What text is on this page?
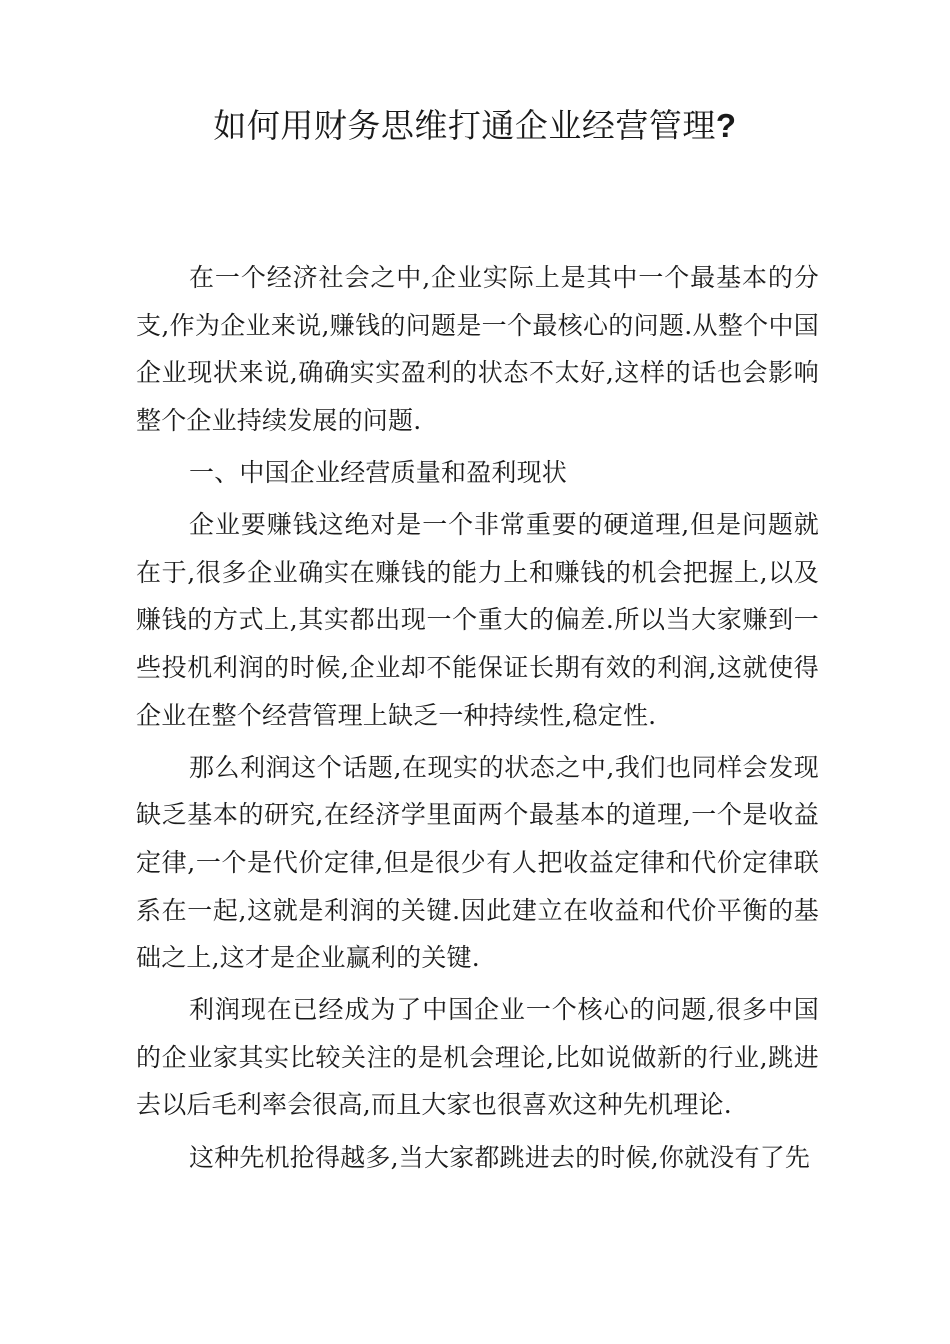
如何用财务思维打通企业经营管理?

在一个经济社会之中,企业实际上是其中一个最基本的分支,作为企业来说,赚钱的问题是一个最核心的问题.从整个中国企业现状来说,确确实实盈利的状态不太好,这样的话也会影响整个企业持续发展的问题.

一、中国企业经营质量和盈利现状

企业要赚钱这绝对是一个非常重要的硬道理,但是问题就在于,很多企业确实在赚钱的能力上和赚钱的机会把握上,以及赚钱的方式上,其实都出现一个重大的偏差.所以当大家赚到一些投机利润的时候,企业却不能保证长期有效的利润,这就使得企业在整个经营管理上缺乏一种持续性,稳定性.

那么利润这个话题,在现实的状态之中,我们也同样会发现缺乏基本的研究,在经济学里面两个最基本的道理,一个是收益定律,一个是代价定律,但是很少有人把收益定律和代价定律联系在一起,这就是利润的关键.因此建立在收益和代价平衡的基础之上,这才是企业赢利的关键.

利润现在已经成为了中国企业一个核心的问题,很多中国的企业家其实比较关注的是机会理论,比如说做新的行业,跳进去以后毛利率会很高,而且大家也很喜欢这种先机理论.

这种先机抢得越多,当大家都跳进去的时候,你就没有了先
